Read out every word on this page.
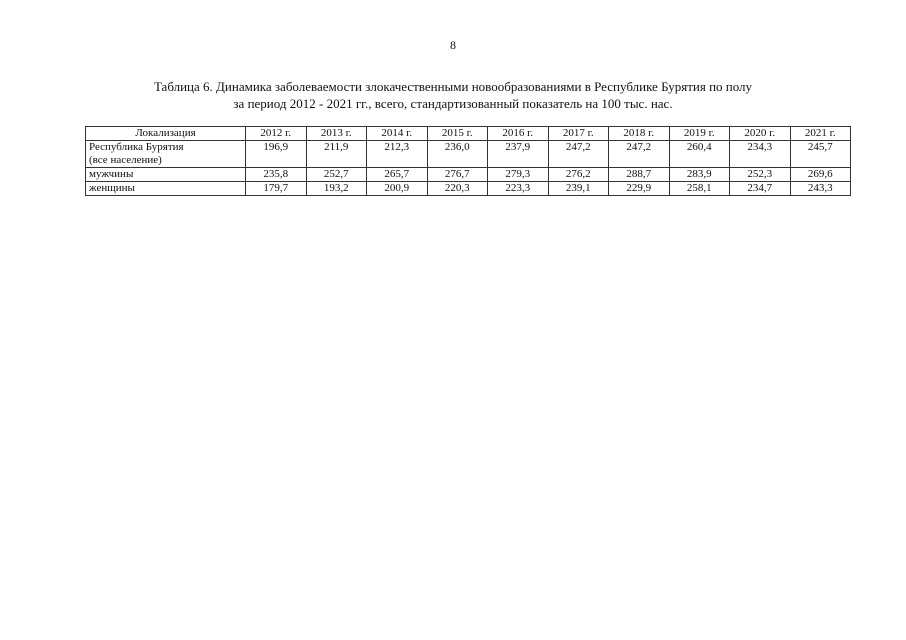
8
Таблица 6. Динамика заболеваемости злокачественными новообразованиями в Республике Бурятия по полу
за период 2012 - 2021 гг., всего, стандартизованный показатель на 100 тыс. нас.
Локализация	2012 г.	2013 г.	2014 г.	2015 г.	2016 г.	2017 г.	2018 г.	2019 г.	2020 г.	2021 г.

Республика Бурятия
(все население)	196,9	211,9	212,3	236,0	237,9	247,2	247,2	260,4	234,3	245,7
мужчины	235,8	252,7	265,7	276,7	279,3	276,2	288,7	283,9	252,3	269,6
женщины	179,7	193,2	200,9	220,3	223,3	239,1	229,9	258,1	234,7	243,3
